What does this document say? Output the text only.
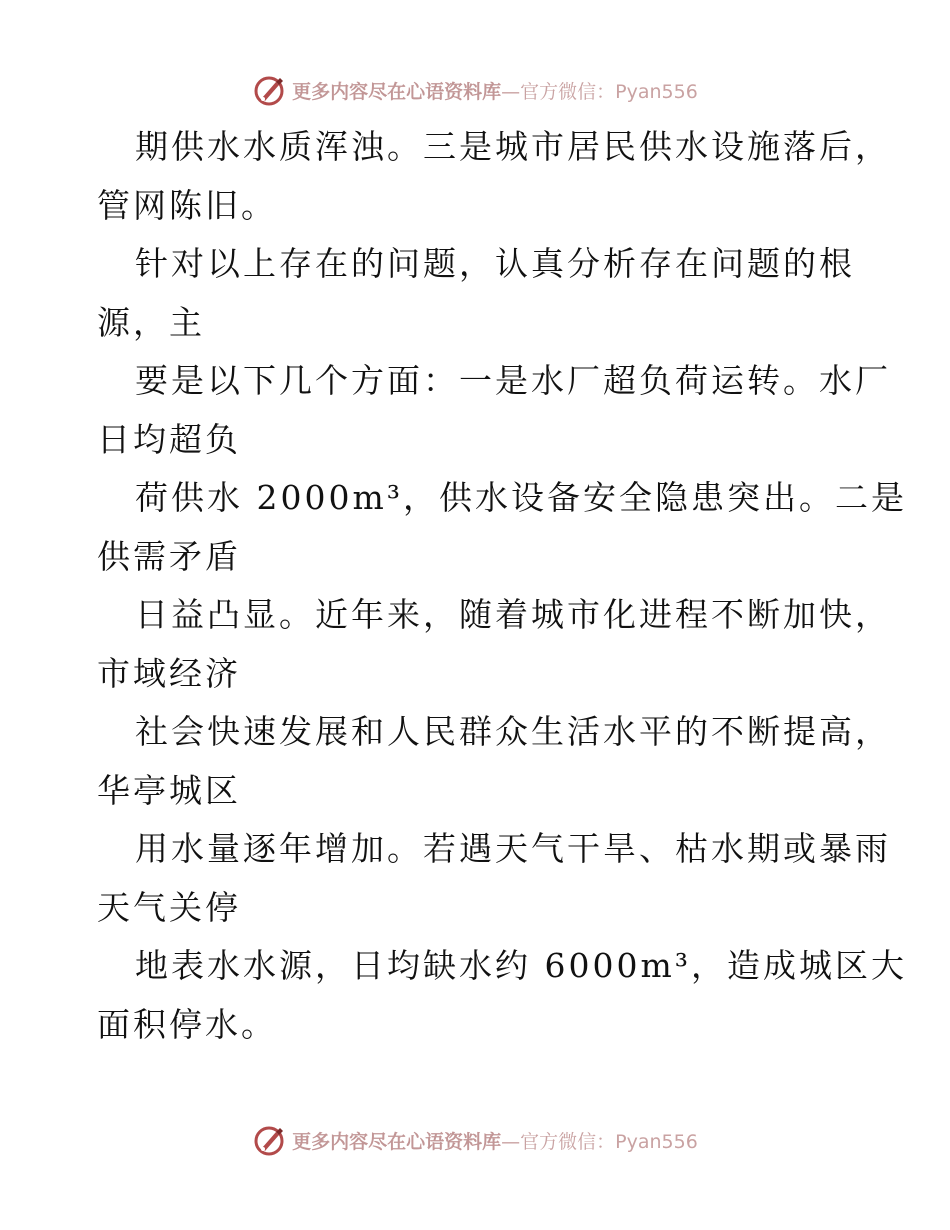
更多内容尽在心语资料库—官方微信：Pyan556
期供水水质浑浊。三是城市居民供水设施落后，
管网陈旧。
针对以上存在的问题，认真分析存在问题的根
源，主
要是以下几个方面：一是水厂超负荷运转。水厂
日均超负
荷供水 2000m³，供水设备安全隐患突出。二是
供需矛盾
日益凸显。近年来，随着城市化进程不断加快，
市域经济
社会快速发展和人民群众生活水平的不断提高，
华亭城区
用水量逐年增加。若遇天气干旱、枯水期或暴雨
天气关停
地表水水源，日均缺水约 6000m³，造成城区大
面积停水。
更多内容尽在心语资料库—官方微信：Pyan556
